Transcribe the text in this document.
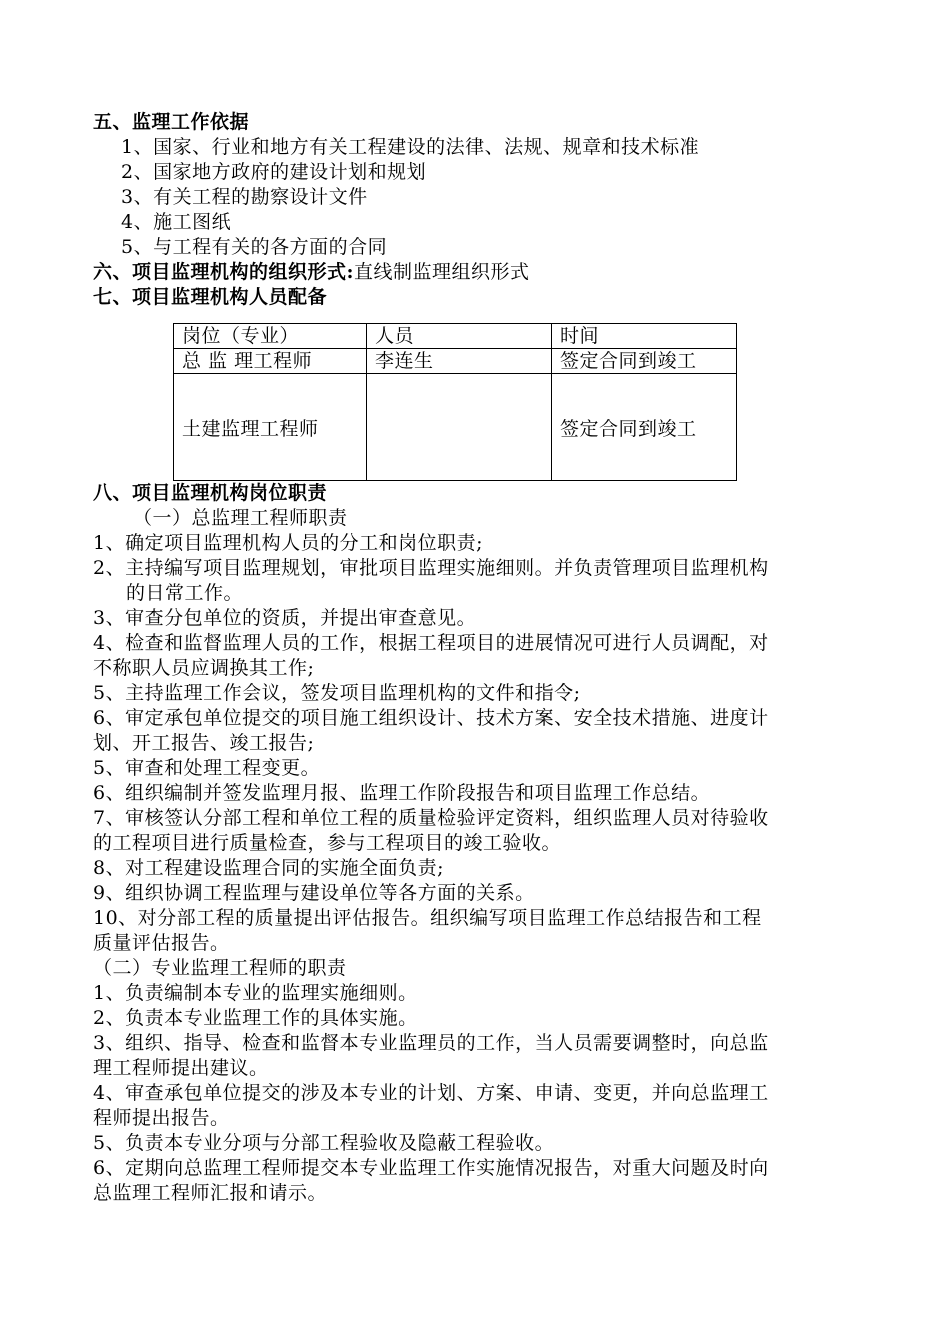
五、监理工作依据
1、国家、行业和地方有关工程建设的法律、法规、规章和技术标准
2、国家地方政府的建设计划和规划
3、有关工程的勘察设计文件
4、施工图纸
5、与工程有关的各方面的合同
六、项目监理机构的组织形式:直线制监理组织形式
七、项目监理机构人员配备
岗位（专业）	人员	时间
总 监 理工程师	李连生	签定合同到竣工
土建监理工程师		签定合同到竣工
八、项目监理机构岗位职责
（一）总监理工程师职责
1、确定项目监理机构人员的分工和岗位职责;
2、主持编写项目监理规划，审批项目监理实施细则。并负责管理项目监理机构
的日常工作。
3、审查分包单位的资质，并提出审查意见。
4、检查和监督监理人员的工作，根据工程项目的进展情况可进行人员调配，对
不称职人员应调换其工作;
5、主持监理工作会议，签发项目监理机构的文件和指令;
6、审定承包单位提交的项目施工组织设计、技术方案、安全技术措施、进度计
划、开工报告、竣工报告;
5、审查和处理工程变更。
6、组织编制并签发监理月报、监理工作阶段报告和项目监理工作总结。
7、审核签认分部工程和单位工程的质量检验评定资料，组织监理人员对待验收
的工程项目进行质量检查，参与工程项目的竣工验收。
8、对工程建设监理合同的实施全面负责;
9、组织协调工程监理与建设单位等各方面的关系。
10、对分部工程的质量提出评估报告。组织编写项目监理工作总结报告和工程
质量评估报告。
（二）专业监理工程师的职责
1、负责编制本专业的监理实施细则。
2、负责本专业监理工作的具体实施。
3、组织、指导、检查和监督本专业监理员的工作，当人员需要调整时，向总监
理工程师提出建议。
4、审查承包单位提交的涉及本专业的计划、方案、申请、变更，并向总监理工
程师提出报告。
5、负责本专业分项与分部工程验收及隐蔽工程验收。
6、定期向总监理工程师提交本专业监理工作实施情况报告，对重大问题及时向
总监理工程师汇报和请示。
